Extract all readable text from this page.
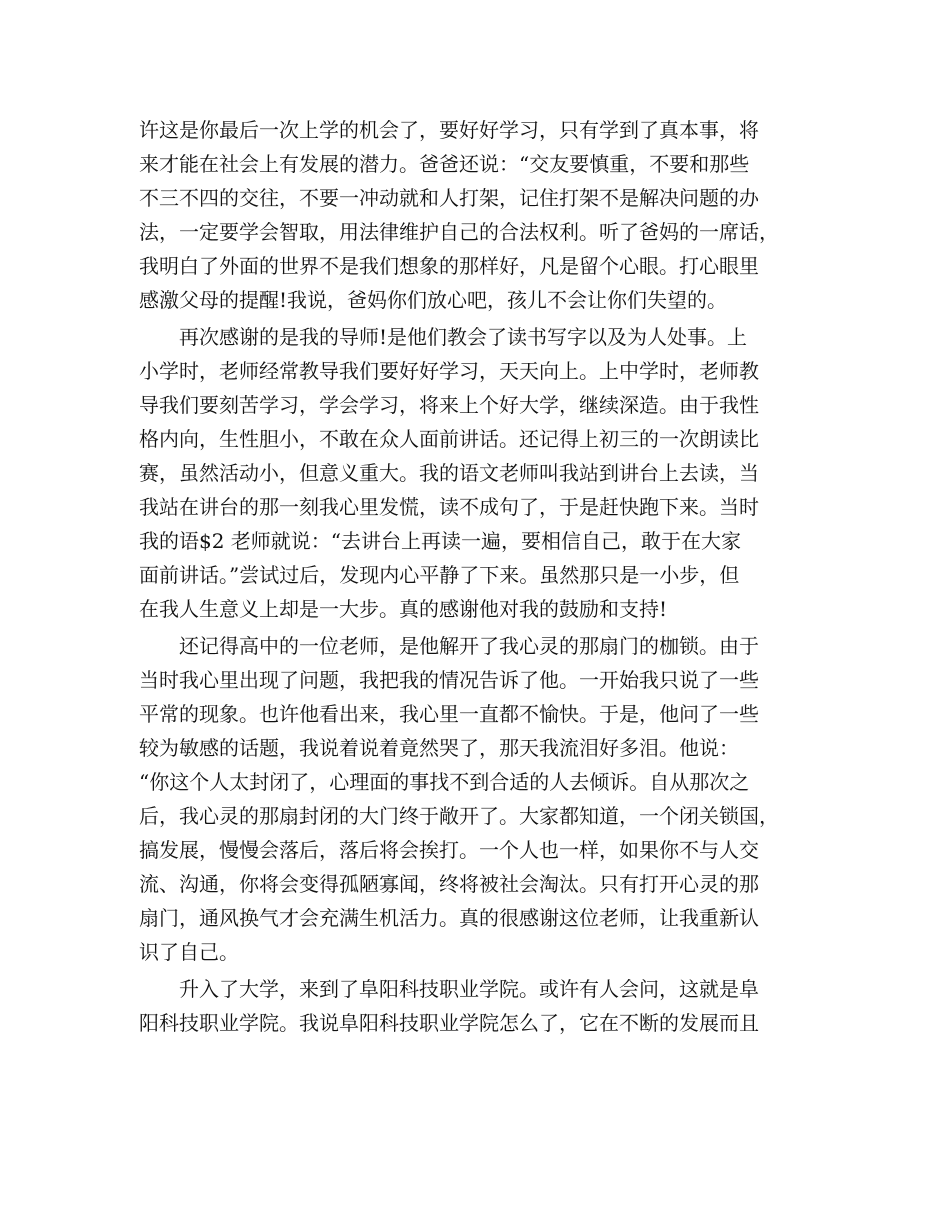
许这是你最后一次上学的机会了，要好好学习，只有学到了真本事，将
来才能在社会上有发展的潜力。爸爸还说：“交友要慎重，不要和那些
不三不四的交往，不要一冲动就和人打架，记住打架不是解决问题的办
法，一定要学会智取，用法律维护自己的合法权利。听了爸妈的一席话，
我明白了外面的世界不是我们想象的那样好，凡是留个心眼。打心眼里
感激父母的提醒!我说，爸妈你们放心吧，孩儿不会让你们失望的。
再次感谢的是我的导师!是他们教会了读书写字以及为人处事。上
小学时，老师经常教导我们要好好学习，天天向上。上中学时，老师教
导我们要刻苦学习，学会学习，将来上个好大学，继续深造。由于我性
格内向，生性胆小，不敢在众人面前讲话。还记得上初三的一次朗读比
赛，虽然活动小，但意义重大。我的语文老师叫我站到讲台上去读，当
我站在讲台的那一刻我心里发慌，读不成句了，于是赶快跑下来。当时
我的语$2 老师就说：“去讲台上再读一遍，要相信自己，敢于在大家
面前讲话。”尝试过后，发现内心平静了下来。虽然那只是一小步，但
在我人生意义上却是一大步。真的感谢他对我的鼓励和支持!
还记得高中的一位老师，是他解开了我心灵的那扇门的枷锁。由于
当时我心里出现了问题，我把我的情况告诉了他。一开始我只说了一些
平常的现象。也许他看出来，我心里一直都不愉快。于是，他问了一些
较为敏感的话题，我说着说着竟然哭了，那天我流泪好多泪。他说：
“你这个人太封闭了，心理面的事找不到合适的人去倾诉。自从那次之
后，我心灵的那扇封闭的大门终于敞开了。大家都知道，一个闭关锁国，
搞发展，慢慢会落后，落后将会挨打。一个人也一样，如果你不与人交
流、沟通，你将会变得孤陋寡闻，终将被社会淘汰。只有打开心灵的那
扇门，通风换气才会充满生机活力。真的很感谢这位老师，让我重新认
识了自己。
升入了大学，来到了阜阳科技职业学院。或许有人会问，这就是阜
阳科技职业学院。我说阜阳科技职业学院怎么了，它在不断的发展而且
